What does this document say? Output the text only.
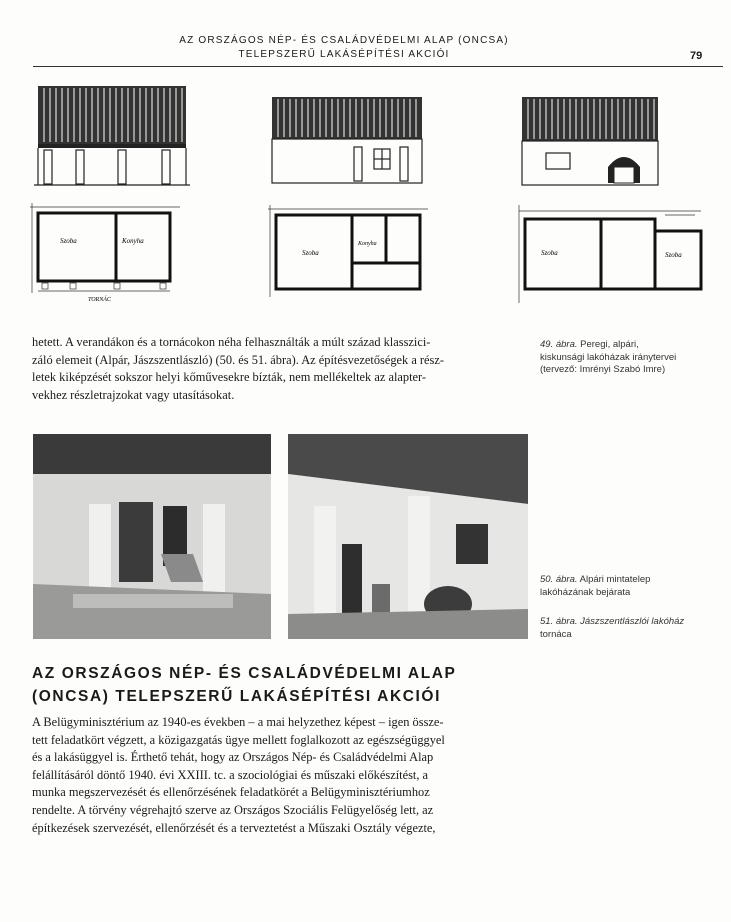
AZ ORSZÁGOS NÉP- ÉS CSALÁDVÉDELMI ALAP (ONCSA)
TELEPSZERŰ LAKÁSÉPÍTÉSI AKCIÓI	79
Szoba	Konyha
TORNÁC
Szoba
Konyha
Szoba	Szoba
hetett. A verandákon és a tornácokon néha felhasználták a múlt század klasszici-
záló elemeit (Alpár, Jászszentlászló) (50. és 51. ábra). Az építésvezetőségek a rész-
letek kiképzését sokszor helyi kőművesekre bízták, nem mellékeltek az alapter-
vekhez részletrajzokat vagy utasításokat.
49. ábra. Peregi, alpári,
kiskunsági lakóházak iránytervei
(tervező: Imrényi Szabó Imre)
50. ábra. Alpári mintatelep
lakóházának bejárata
51. ábra. Jászszentlászlói lakóház
tornáca
AZ ORSZÁGOS NÉP- ÉS CSALÁDVÉDELMI ALAP
(ONCSA) TELEPSZERŰ LAKÁSÉPÍTÉSI AKCIÓI
A Belügyminisztérium az 1940-es években – a mai helyzethez képest – igen össze-
tett feladatkört végzett, a közigazgatás ügye mellett foglalkozott az egészségüggyel
és a lakásüggyel is. Érthető tehát, hogy az Országos Nép- és Családvédelmi Alap
felállításáról döntő 1940. évi XXIII. tc. a szociológiai és műszaki előkészítést, a
munka megszervezését és ellenőrzésének feladatkörét a Belügyminisztériumhoz
rendelte. A törvény végrehajtó szerve az Országos Szociális Felügyelőség lett, az
építkezések szervezését, ellenőrzését és a terveztetést a Műszaki Osztály végezte,
